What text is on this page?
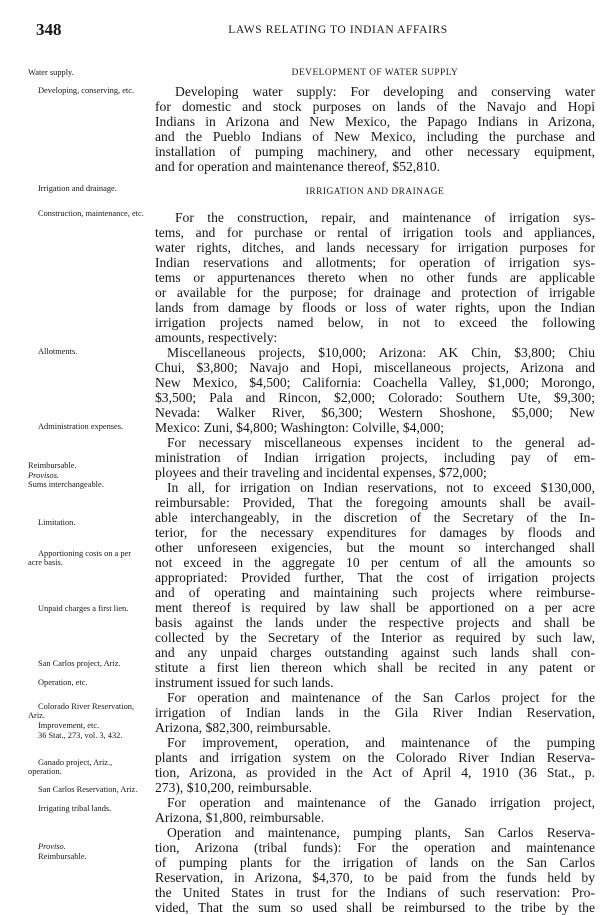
348	LAWS RELATING TO INDIAN AFFAIRS
Water supply.
Developing, conserving, etc.
Irrigation and drainage.
Construction, maintenance, etc.
Allotments.
Administration expenses.
Reimbursable.
Provisos.
Sums interchangeable.
Limitation.
Apportioning costs on a per acre basis.
Unpaid charges a first lien.
San Carlos project, Ariz.
Operation, etc.
Colorado River Reservation, Ariz.
Improvement, etc.
36 Stat., 273, vol. 3, 432.
Ganado project, Ariz., operation.
San Carlos Reservation, Ariz.
Irrigating tribal lands.
Proviso.
Reimbursable.
DEVELOPMENT OF WATER SUPPLY
Developing water supply: For developing and conserving water
for domestic and stock purposes on lands of the Navajo and Hopi
Indians in Arizona and New Mexico, the Papago Indians in Arizona,
and the Pueblo Indians of New Mexico, including the purchase and
installation of pumping machinery, and other necessary equipment,
and for operation and maintenance thereof, $52,810.
IRRIGATION AND DRAINAGE
For the construction, repair, and maintenance of irrigation sys-
tems, and for purchase or rental of irrigation tools and appliances,
water rights, ditches, and lands necessary for irrigation purposes for
Indian reservations and allotments; for operation of irrigation sys-
tems or appurtenances thereto when no other funds are applicable
or available for the purpose; for drainage and protection of irrigable
lands from damage by floods or loss of water rights, upon the Indian
irrigation projects named below, in not to exceed the following
amounts, respectively:
Miscellaneous projects, $10,000; Arizona: AK Chin, $3,800; Chiu
Chui, $3,800; Navajo and Hopi, miscellaneous projects, Arizona and
New Mexico, $4,500; California: Coachella Valley, $1,000; Morongo,
$3,500; Pala and Rincon, $2,000; Colorado: Southern Ute, $9,300;
Nevada: Walker River, $6,300; Western Shoshone, $5,000; New
Mexico: Zuni, $4,800; Washington: Colville, $4,000;
For necessary miscellaneous expenses incident to the general ad-
ministration of Indian irrigation projects, including pay of em-
ployees and their traveling and incidental expenses, $72,000;
In all, for irrigation on Indian reservations, not to exceed $130,000,
reimbursable: Provided, That the foregoing amounts shall be avail-
able interchangeably, in the discretion of the Secretary of the In-
terior, for the necessary expenditures for damages by floods and
other unforeseen exigencies, but the mount so interchanged shall
not exceed in the aggregate 10 per centum of all the amounts so
appropriated: Provided further, That the cost of irrigation projects
and of operating and maintaining such projects where reimburse-
ment thereof is required by law shall be apportioned on a per acre
basis against the lands under the respective projects and shall be
collected by the Secretary of the Interior as required by such law,
and any unpaid charges outstanding against such lands shall con-
stitute a first lien thereon which shall be recited in any patent or
instrument issued for such lands.
For operation and maintenance of the San Carlos project for the
irrigation of Indian lands in the Gila River Indian Reservation,
Arizona, $82,300, reimbursable.
For improvement, operation, and maintenance of the pumping
plants and irrigation system on the Colorado River Indian Reserva-
tion, Arizona, as provided in the Act of April 4, 1910 (36 Stat., p.
273), $10,200, reimbursable.
For operation and maintenance of the Ganado irrigation project,
Arizona, $1,800, reimbursable.
Operation and maintenance, pumping plants, San Carlos Reserva-
tion, Arizona (tribal funds): For the operation and maintenance
of pumping plants for the irrigation of lands on the San Carlos
Reservation, in Arizona, $4,370, to be paid from the funds held by
the United States in trust for the Indians of such reservation: Pro-
vided, That the sum so used shall be reimbursed to the tribe by the
